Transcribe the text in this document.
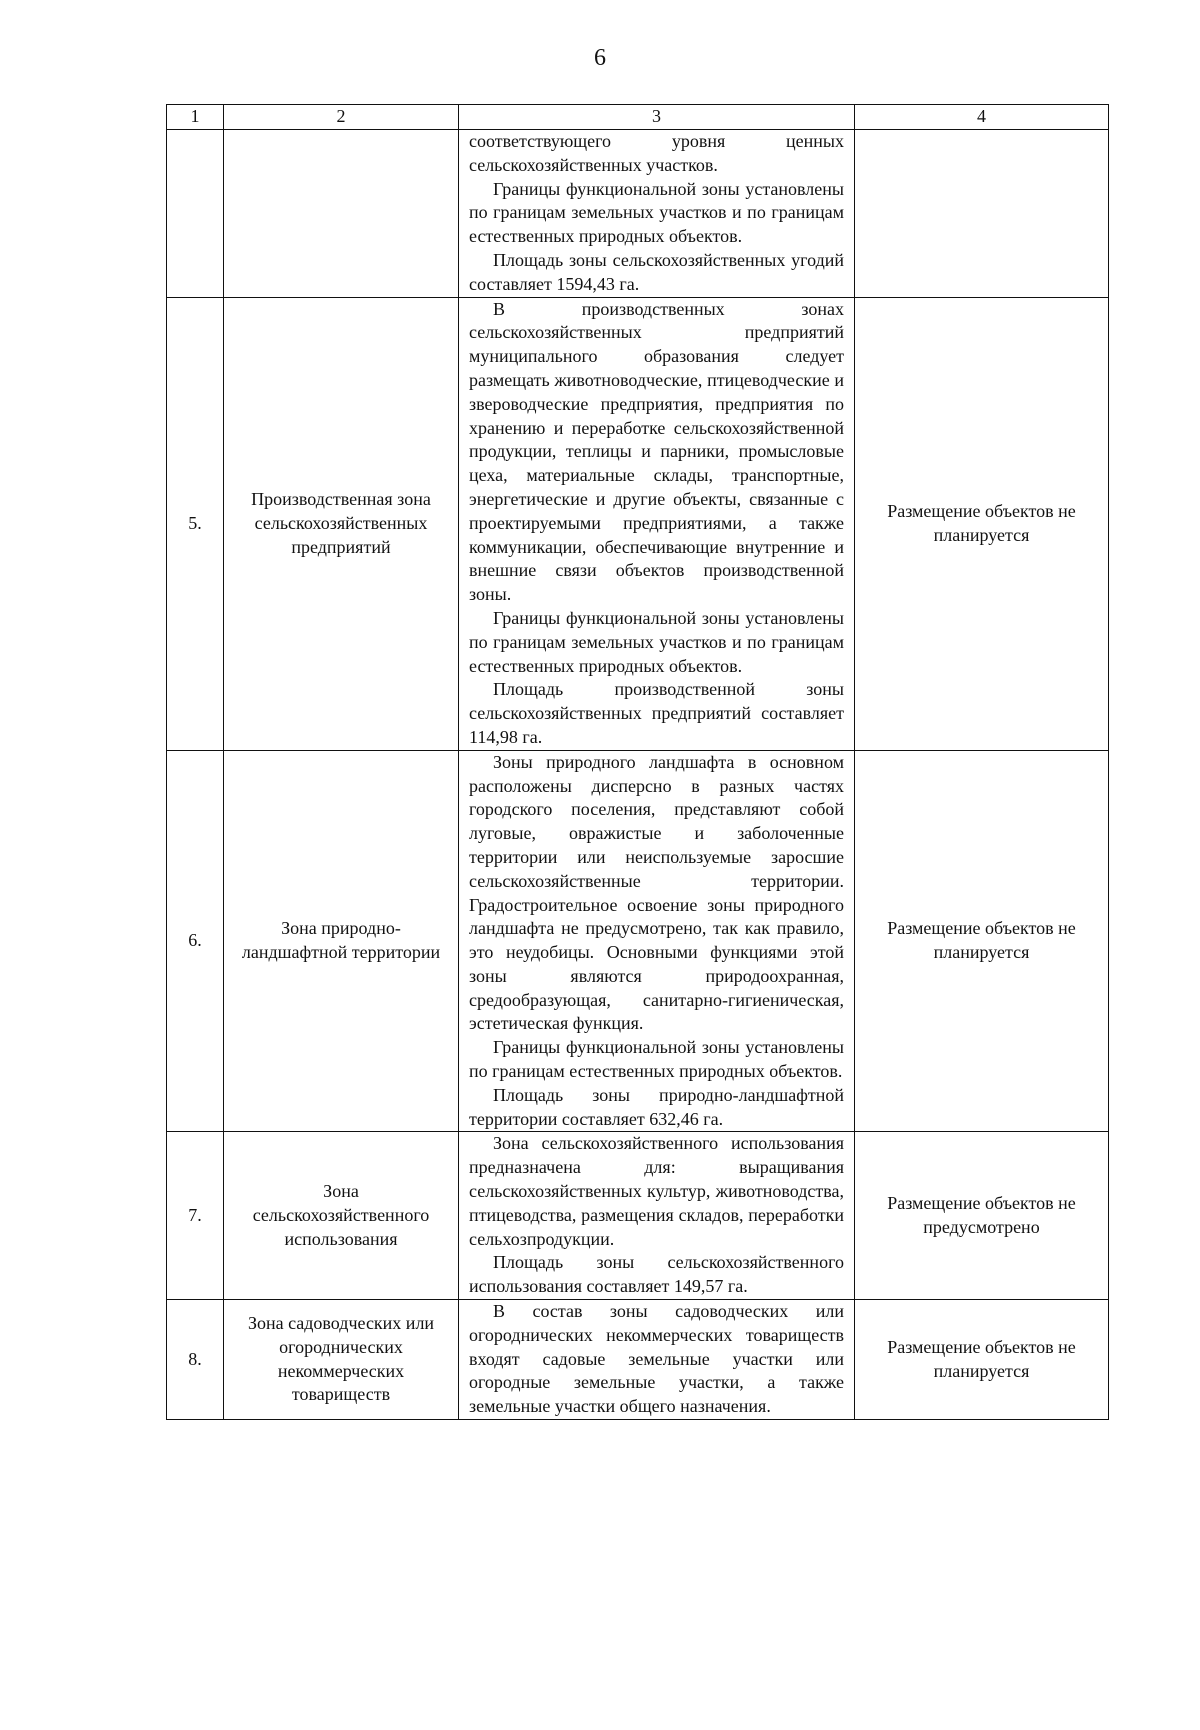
6
1	2	3	4

		соответствующего уровня ценных сельскохозяйственных участков.

Границы функциональной зоны установлены по границам земельных участков и по границам естественных природных объектов.

Площадь зоны сельскохозяйственных угодий составляет 1594,43 га.	

5.	Производственная зона сельскохозяйственных предприятий	В производственных зонах сельскохозяйственных предприятий муниципального образования следует размещать животноводческие, птицеводческие и звероводческие предприятия, предприятия по хранению и переработке сельскохозяйственной продукции, теплицы и парники, промысловые цеха, материальные склады, транспортные, энергетические и другие объекты, связанные с проектируемыми предприятиями, а также коммуникации, обеспечивающие внутренние и внешние связи объектов производственной зоны.

Границы функциональной зоны установлены по границам земельных участков и по границам естественных природных объектов.

Площадь производственной зоны сельскохозяйственных предприятий составляет 114,98 га.	Размещение объектов не планируется
6.	Зона природно-ландшафтной территории	Зоны природного ландшафта в основном расположены дисперсно в разных частях городского поселения, представляют собой луговые, овражистые и заболоченные территории или неиспользуемые заросшие сельскохозяйственные территории. Градостроительное освоение зоны природного ландшафта не предусмотрено, так как правило, это неудобицы. Основными функциями этой зоны являются природоохранная, средообразующая, санитарно-гигиеническая, эстетическая функция.

Границы функциональной зоны установлены по границам естественных природных объектов.

Площадь зоны природно-ландшафтной территории составляет 632,46 га.	Размещение объектов не планируется
7.	Зона сельскохозяйственного использования	Зона сельскохозяйственного использования предназначена для: выращивания сельскохозяйственных культур, животноводства, птицеводства, размещения складов, переработки сельхозпродукции.

Площадь зоны сельскохозяйственного использования составляет 149,57 га.	Размещение объектов не предусмотрено
8.	Зона садоводческих или огороднических некоммерческих товариществ	В состав зоны садоводческих или огороднических некоммерческих товариществ входят садовые земельные участки или огородные земельные участки, а также земельные участки общего назначения.	Размещение объектов не планируется
